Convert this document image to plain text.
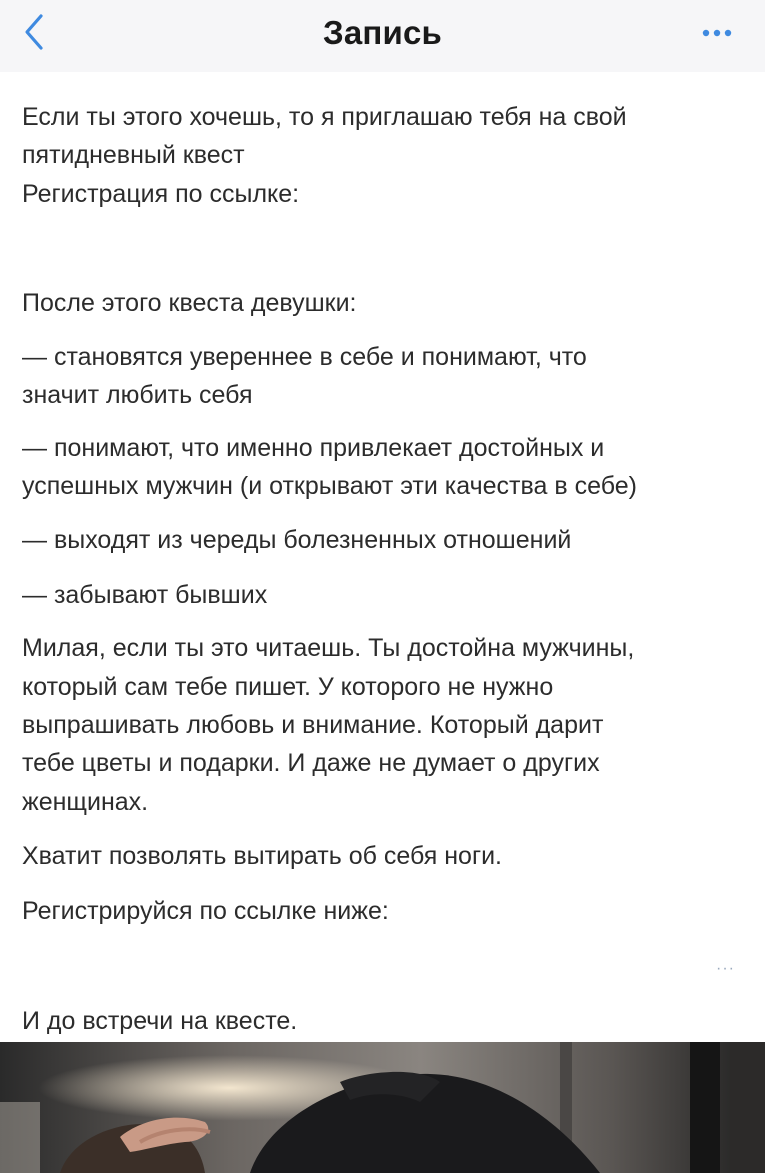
Запись

Если ты этого хочешь, то я приглашаю тебя на свой

пятидневный квест

Регистрация по ссылке:

После этого квеста девушки:

— становятся увереннее в себе и понимают, что

значит любить себя

— понимают, что именно привлекает достойных и

успешных мужчин (и открывают эти качества в себе)

— выходят из череды болезненных отношений

— забывают бывших

Милая, если ты это читаешь. Ты достойна мужчины,

который сам тебе пишет. У которого не нужно

выпрашивать любовь и внимание. Который дарит

тебе цветы и подарки. И даже не думает о других

женщинах.

Хватит позволять вытирать об себя ноги.

Регистрируйся по ссылке ниже:

И до встречи на квесте.

···
